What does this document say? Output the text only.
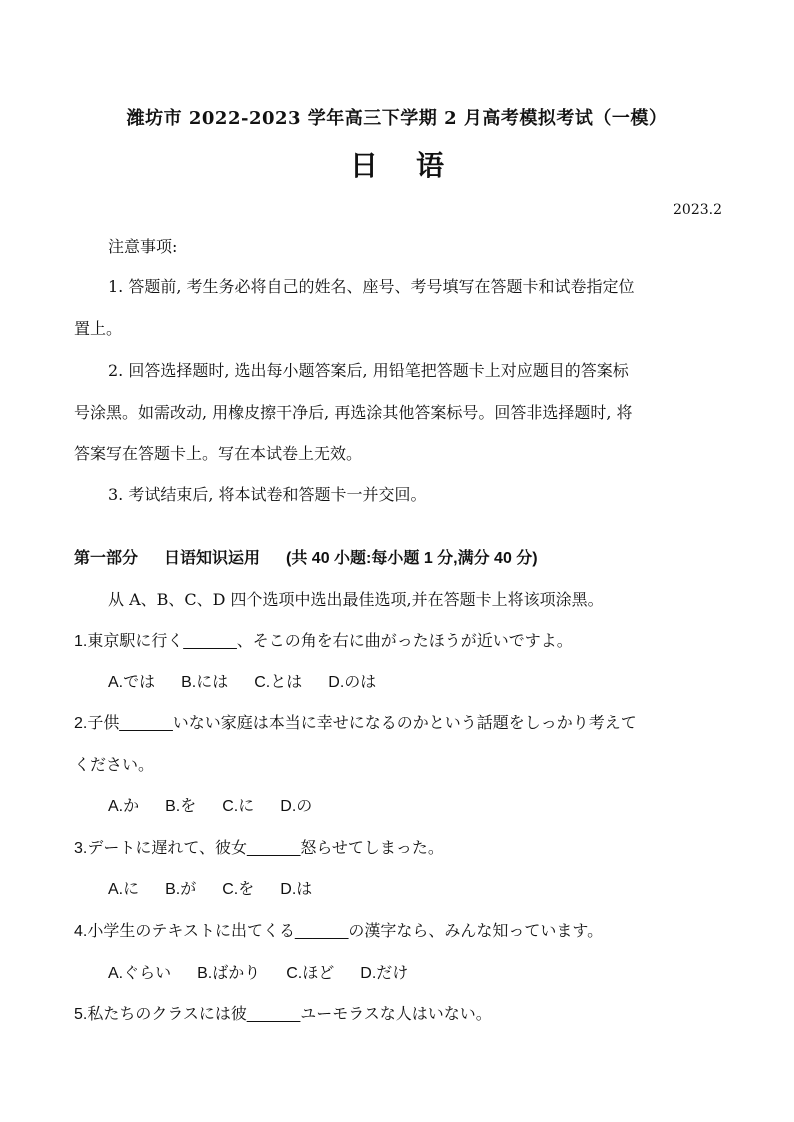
潍坊市 2022-2023 学年高三下学期 2 月高考模拟考试（一模）
日语
2023.2
注意事项:
1. 答题前, 考生务必将自己的姓名、座号、考号填写在答题卡和试卷指定位
置上。
2. 回答选择题时, 选出每小题答案后, 用铅笔把答题卡上对应题目的答案标
号涂黑。如需改动, 用橡皮擦干净后, 再选涂其他答案标号。回答非选择题时, 将
答案写在答题卡上。写在本试卷上无效。
3. 考试结束后, 将本试卷和答题卡一并交回。
第一部分 日语知识运用 (共 40 小题:每小题 1 分,满分 40 分)
从 A、B、C、D 四个选项中选出最佳选项,并在答题卡上将该项涂黑。
1.東京駅に行く______、そこの角を右に曲がったほうが近いですよ。
A.では B.には C.とは D.のは
2.子供______いない家庭は本当に幸せになるのかという話題をしっかり考えて
ください。
A.か B.を C.に D.の
3.デートに遅れて、彼女______怒らせてしまった。
A.に B.が C.を D.は
4.小学生のテキストに出てくる______の漢字なら、みんな知っています。
A.ぐらい B.ばかり C.ほど D.だけ
5.私たちのクラスには彼______ユーモラスな人はいない。
